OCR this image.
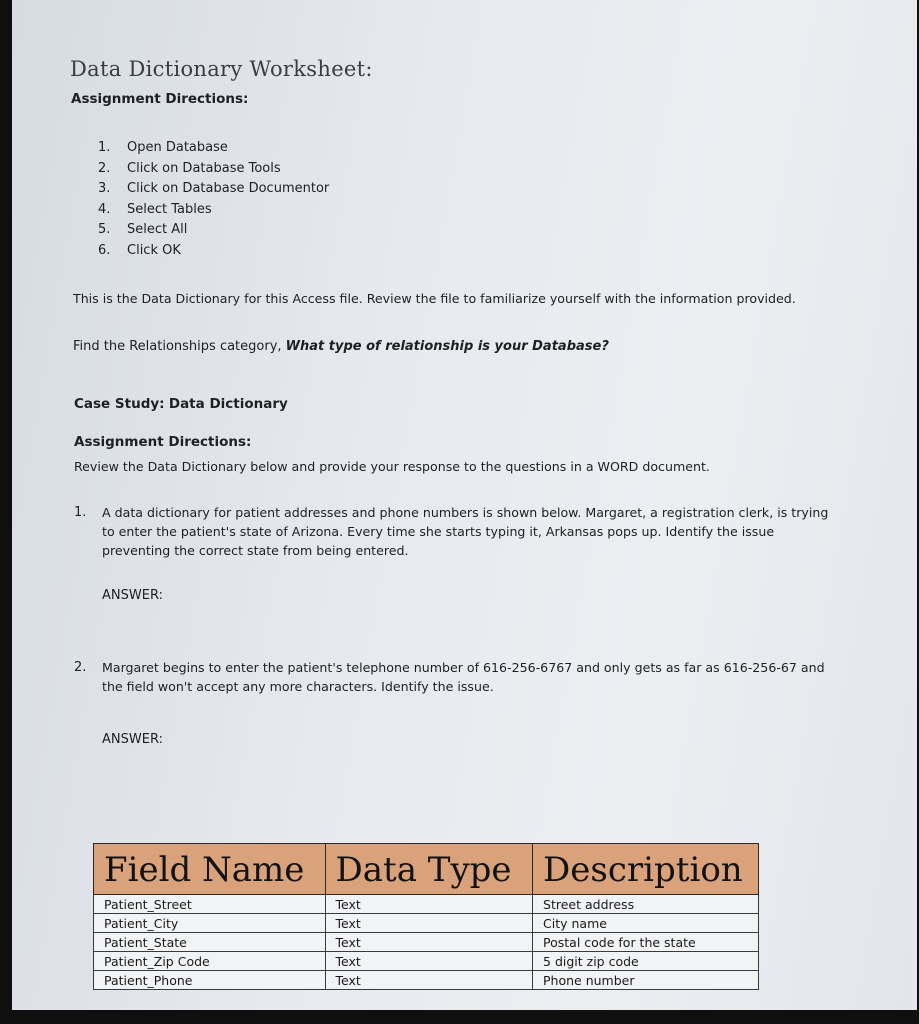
Data Dictionary Worksheet:
Assignment Directions:
1.	Open Database
2.	Click on Database Tools
3.	Click on Database Documentor
4.	Select Tables
5.	Select All
6.	Click OK
This is the Data Dictionary for this Access file. Review the file to familiarize yourself with the information provided.
Find the Relationships category, What type of relationship is your Database?
Case Study: Data Dictionary
Assignment Directions:
Review the Data Dictionary below and provide your response to the questions in a WORD document.
1. A data dictionary for patient addresses and phone numbers is shown below. Margaret, a registration clerk, is trying
to enter the patient's state of Arizona. Every time she starts typing it, Arkansas pops up. Identify the issue
preventing the correct state from being entered.
ANSWER:
2. Margaret begins to enter the patient's telephone number of 616-256-6767 and only gets as far as 616-256-67 and
the field won't accept any more characters. Identify the issue.
ANSWER:
Field Name	Data Type	Description
Patient_Street	Text	Street address
Patient_City	Text	City name
Patient_State	Text	Postal code for the state
Patient_Zip Code	Text	5 digit zip code
Patient_Phone	Text	Phone number
